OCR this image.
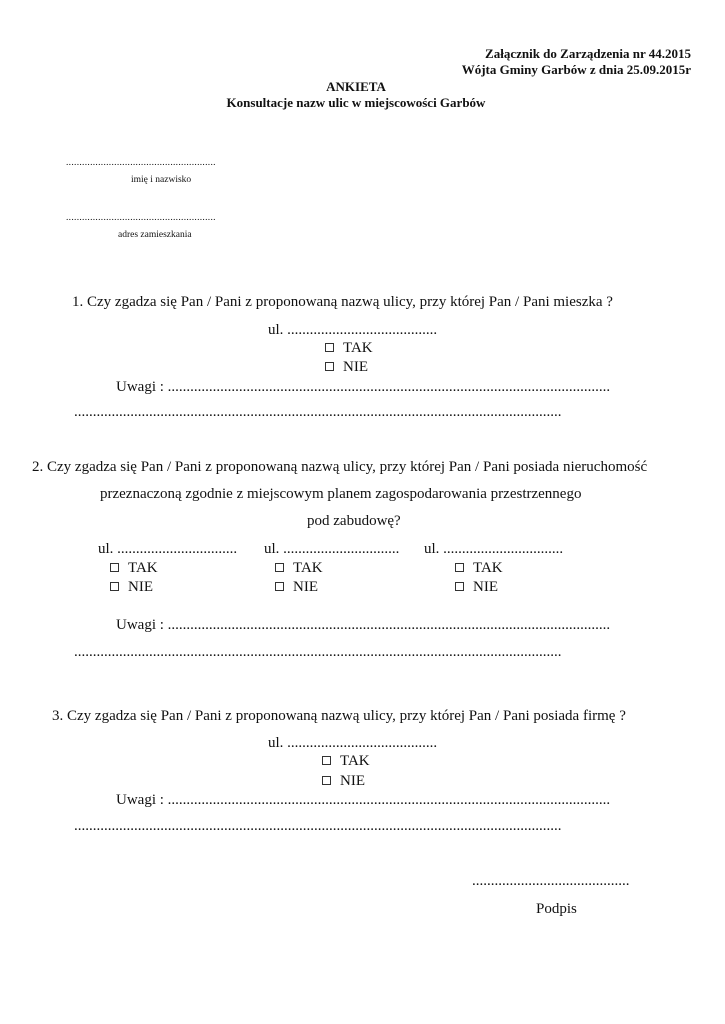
Załącznik do Zarządzenia nr 44.2015
Wójta Gminy Garbów z dnia 25.09.2015r
ANKIETA
Konsultacje nazw ulic w miejscowości Garbów
........................................................
imię i nazwisko
........................................................
adres zamieszkania
1. Czy zgadza się Pan / Pani z proponowaną nazwą ulicy, przy której Pan / Pani mieszka ?
ul. ........................................
TAK
NIE
Uwagi : ......................................................................................................................
..................................................................................................................................
2. Czy zgadza się Pan / Pani z proponowaną nazwą ulicy, przy której Pan / Pani posiada nieruchomość
przeznaczoną zgodnie z miejscowym planem zagospodarowania przestrzennego
pod zabudowę?
ul. ................................ ul. ............................... ul. ................................
TAK	TAK	TAK
NIE	NIE	NIE
Uwagi : ......................................................................................................................
..................................................................................................................................
3. Czy zgadza się Pan / Pani z proponowaną nazwą ulicy, przy której Pan / Pani posiada firmę ?
ul. ........................................
TAK
NIE
Uwagi : ......................................................................................................................
..................................................................................................................................
..........................................
Podpis
